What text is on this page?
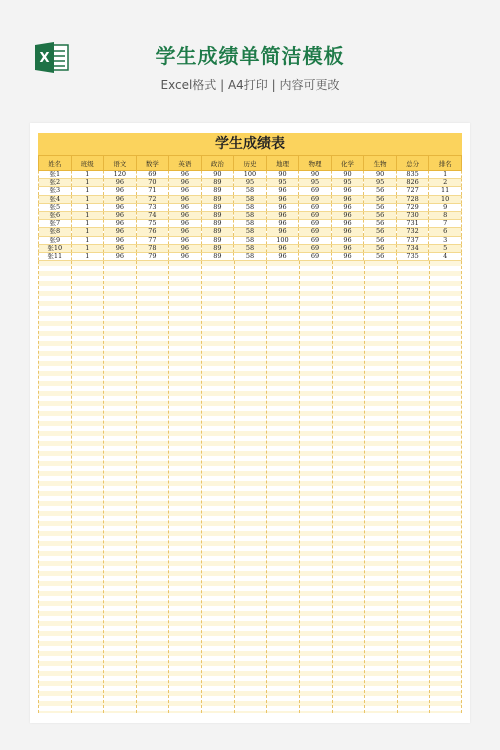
X	学生成绩单简洁模板
Excel格式 | A4打印 | 内容可更改
学生成绩表
姓名	班级	语文	数学	英语	政治	历史	地理	物理	化学	生物	总分	排名
张1	1	120	69	96	90	100	90	90	90	90	835	1
张2	1	96	70	96	89	95	95	95	95	95	826	2
张3	1	96	71	96	89	58	96	69	96	56	727	11
张4	1	96	72	96	89	58	96	69	96	56	728	10
张5	1	96	73	96	89	58	96	69	96	56	729	9
张6	1	96	74	96	89	58	96	69	96	56	730	8
张7	1	96	75	96	89	58	96	69	96	56	731	7
张8	1	96	76	96	89	58	96	69	96	56	732	6
张9	1	96	77	96	89	58	100	69	96	56	737	3
张10	1	96	78	96	89	58	96	69	96	56	734	5
张11	1	96	79	96	89	58	96	69	96	56	735	4
